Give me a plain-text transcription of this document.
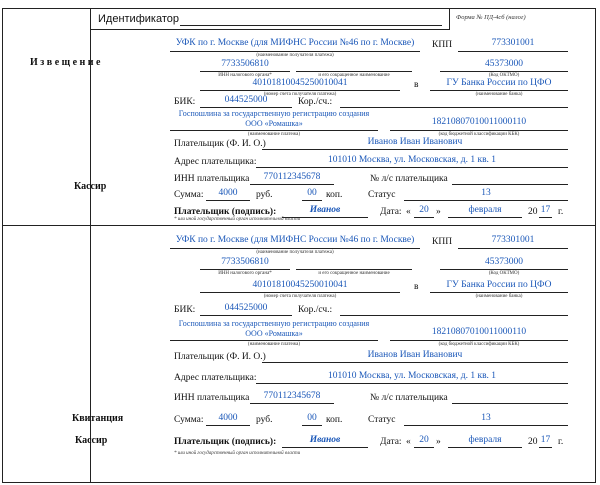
Идентификатор	Форма № ПД-4сб (налог)
Извещение
Кассир
Квитанция
Кассир
УФК по г. Москве (для МИФНС России №46 по г. Москве)
(наименование получателя платежа)
КПП	773301001
7733506810
ИНН налогового органа*	и его сокращенное наименование
45373000
(Код ОКТМО)
40101810045250010041
(номер счета получателя платежа)
в	ГУ Банка России по ЦФО
(наименование банка)
БИК:	044525000	Кор./сч.:
Госпошлина за государственную регистрацию создания
ООО «Ромашка»
(наименование платежа)
18210807010011000110
(код бюджетной классификации КБК)
Плательщик (Ф. И. О.)	Иванов Иван Иванович
Адрес плательщика:	101010 Москва, ул. Московская, д. 1 кв. 1
ИНН плательщика	770112345678	№ л/с плательщика
Сумма:	4000	руб.	00 коп.	Статус	13
Плательщик (подпись):	Иванов	Дата: « 20 »	февраля	20 17 г.
* или иной государственный орган исполнительной власти
УФК по г. Москве (для МИФНС России №46 по г. Москве)
(наименование получателя платежа)
КПП	773301001
7733506810
ИНН налогового органа*	и его сокращенное наименование
45373000
(Код ОКТМО)
40101810045250010041
(номер счета получателя платежа)
в	ГУ Банка России по ЦФО
(наименование банка)
БИК:	044525000	Кор./сч.:
Госпошлина за государственную регистрацию создания
ООО «Ромашка»
(наименование платежа)
18210807010011000110
(код бюджетной классификации КБК)
Плательщик (Ф. И. О.)	Иванов Иван Иванович
Адрес плательщика:	101010 Москва, ул. Московская, д. 1 кв. 1
ИНН плательщика	770112345678	№ л/с плательщика
Сумма:	4000	руб.	00 коп.	Статус	13
Плательщик (подпись):	Иванов	Дата: « 20 »	февраля	20 17 г.
* или иной государственный орган исполнительной власти
